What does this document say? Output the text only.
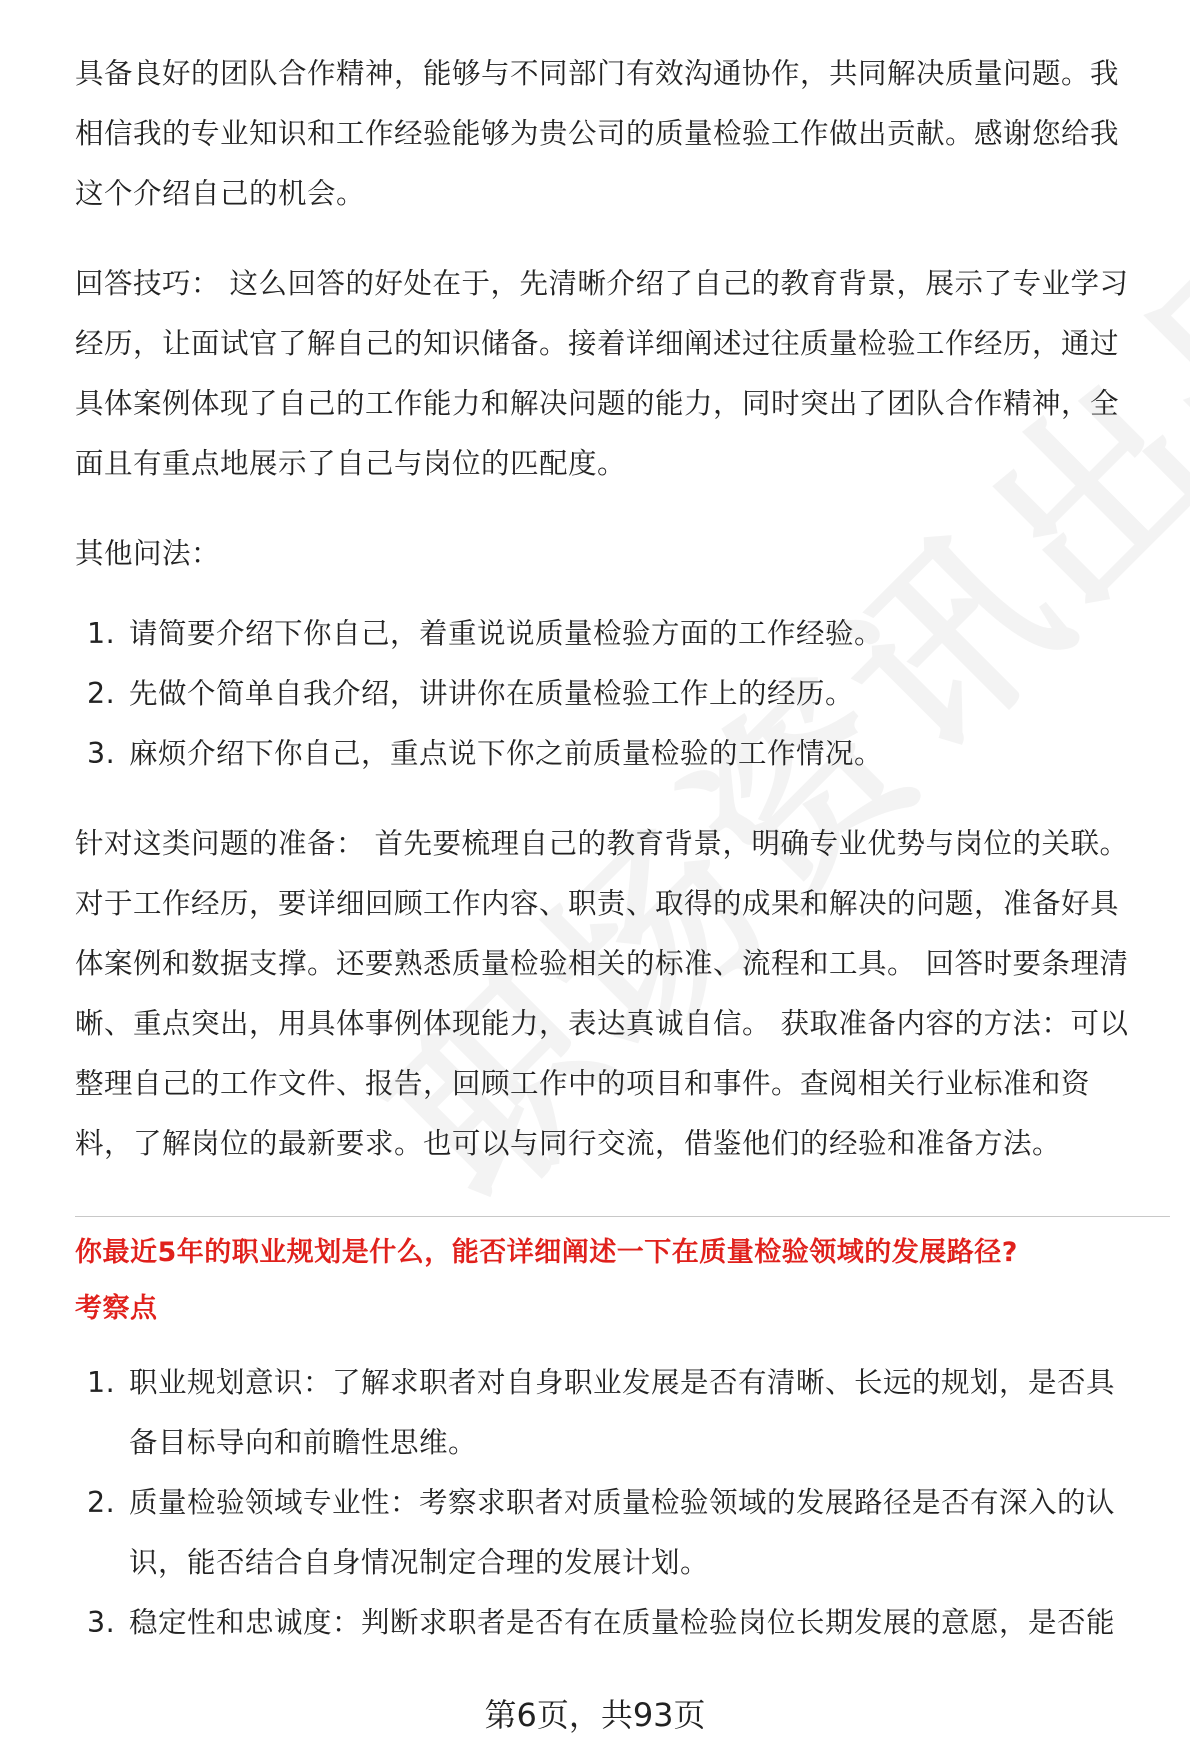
具备良好的团队合作精神，能够与不同部门有效沟通协作，共同解决质量问题。我
相信我的专业知识和工作经验能够为贵公司的质量检验工作做出贡献。感谢您给我
这个介绍自己的机会。

回答技巧： 这么回答的好处在于，先清晰介绍了自己的教育背景，展示了专业学习
经历，让面试官了解自己的知识储备。接着详细阐述过往质量检验工作经历，通过
具体案例体现了自己的工作能力和解决问题的能力，同时突出了团队合作精神，全
面且有重点地展示了自己与岗位的匹配度。

其他问法：

1. 请简要介绍下你自己，着重说说质量检验方面的工作经验。
2. 先做个简单自我介绍，讲讲你在质量检验工作上的经历。
3. 麻烦介绍下你自己，重点说下你之前质量检验的工作情况。

针对这类问题的准备： 首先要梳理自己的教育背景，明确专业优势与岗位的关联。
对于工作经历，要详细回顾工作内容、职责、取得的成果和解决的问题，准备好具
体案例和数据支撑。还要熟悉质量检验相关的标准、流程和工具。 回答时要条理清
晰、重点突出，用具体事例体现能力，表达真诚自信。 获取准备内容的方法：可以
整理自己的工作文件、报告，回顾工作中的项目和事件。查阅相关行业标准和资
料，了解岗位的最新要求。也可以与同行交流，借鉴他们的经验和准备方法。

你最近5年的职业规划是什么，能否详细阐述一下在质量检验领域的发展路径?

考察点

1. 职业规划意识：了解求职者对自身职业发展是否有清晰、长远的规划，是否具
备目标导向和前瞻性思维。
2. 质量检验领域专业性：考察求职者对质量检验领域的发展路径是否有深入的认
识，能否结合自身情况制定合理的发展计划。
3. 稳定性和忠诚度：判断求职者是否有在质量检验岗位长期发展的意愿，是否能
第6页，共93页
